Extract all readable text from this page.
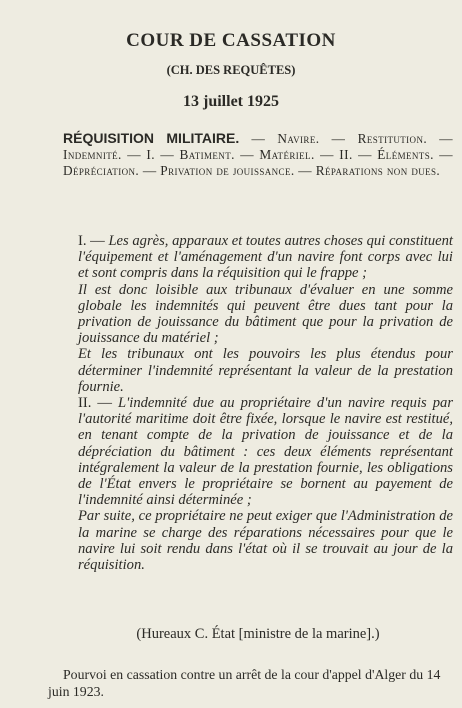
COUR DE CASSATION
(CH. DES REQUÊTES)
13 juillet 1925
RÉQUISITION MILITAIRE. — Navire. — Restitution. — Indemnité. — I. — Batiment. — Matériel. — II. — Éléments. — Dépréciation. — Privation de jouissance. — Réparations non dues.

I. — Les agrès, apparaux et toutes autres choses qui constituent l'équipement et l'aménagement d'un navire font corps avec lui et sont compris dans la réquisition qui le frappe ;

Il est donc loisible aux tribunaux d'évaluer en une somme globale les indemnités qui peuvent être dues tant pour la privation de jouissance du bâtiment que pour la privation de jouissance du matériel ;

Et les tribunaux ont les pouvoirs les plus étendus pour déterminer l'indemnité représentant la valeur de la prestation fournie.

II. — L'indemnité due au propriétaire d'un navire requis par l'autorité maritime doit être fixée, lorsque le navire est restitué, en tenant compte de la privation de jouissance et de la dépréciation du bâtiment : ces deux éléments représentant intégralement la valeur de la prestation fournie, les obligations de l'État envers le propriétaire se bornent au payement de l'indemnité ainsi déterminée ;

Par suite, ce propriétaire ne peut exiger que l'Administration de la marine se charge des réparations nécessaires pour que le navire lui soit rendu dans l'état où il se trouvait au jour de la réquisition.

(Hureaux C. État [ministre de la marine].)
Pourvoi en cassation contre un arrêt de la cour d'appel d'Alger du 14 juin 1923.
